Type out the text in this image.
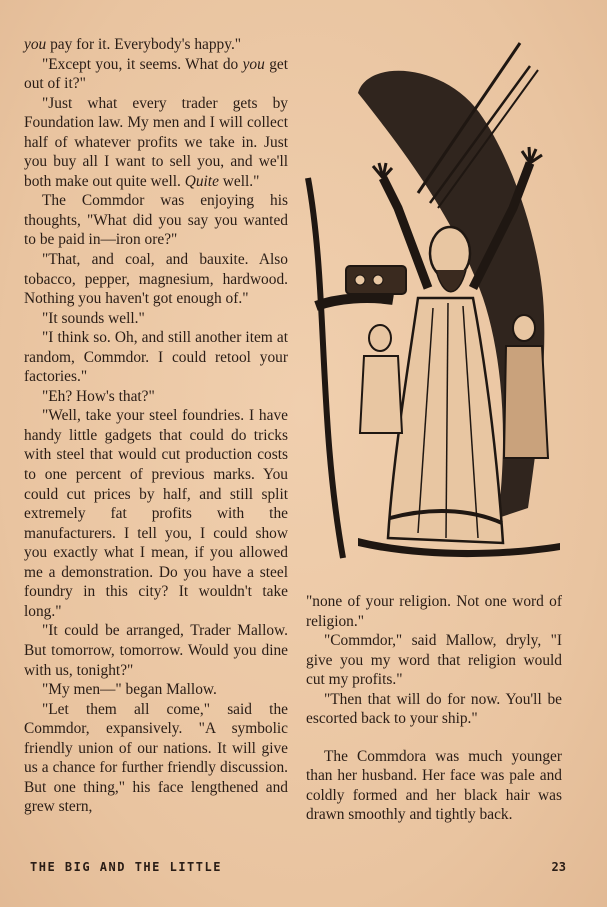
you pay for it. Everybody's happy."

"Except you, it seems. What do you get out of it?"

"Just what every trader gets by Foundation law. My men and I will collect half of whatever profits we take in. Just you buy all I want to sell you, and we'll both make out quite well. Quite well."

The Commdor was enjoying his thoughts, "What did you say you wanted to be paid in—iron ore?"

"That, and coal, and bauxite. Also tobacco, pepper, magnesium, hardwood. Nothing you haven't got enough of."

"It sounds well."

"I think so. Oh, and still another item at random, Commdor. I could retool your factories."

"Eh? How's that?"

"Well, take your steel foundries. I have handy little gadgets that could do tricks with steel that would cut production costs to one percent of previous marks. You could cut prices by half, and still split extremely fat profits with the manufacturers. I tell you, I could show you exactly what I mean, if you allowed me a demonstration. Do you have a steel foundry in this city? It wouldn't take long."

"It could be arranged, Trader Mallow. But tomorrow, tomorrow. Would you dine with us, tonight?"

"My men—" began Mallow.

"Let them all come," said the Commdor, expansively. "A symbolic friendly union of our nations. It will give us a chance for further friendly discussion. But one thing," his face lengthened and grew stern,

"none of your religion. Not one word of religion."

"Commdor," said Mallow, dryly, "I give you my word that religion would cut my profits."

"Then that will do for now. You'll be escorted back to your ship."

The Commdora was much younger than her husband. Her face was pale and coldly formed and her black hair was drawn smoothly and tightly back.

THE BIG AND THE LITTLE	23
